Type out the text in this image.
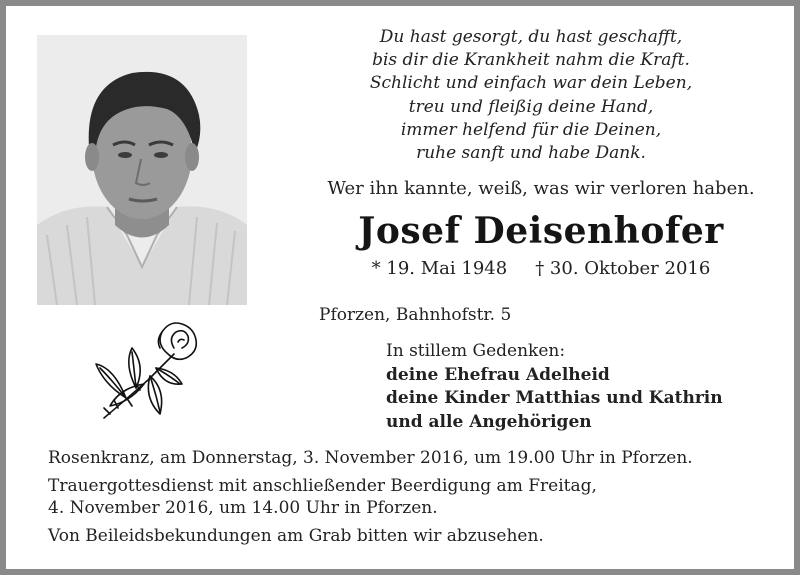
Du hast gesorgt, du hast geschafft,
bis dir die Krankheit nahm die Kraft.
Schlicht und einfach war dein Leben,
treu und fleißig deine Hand,
immer helfend für die Deinen,
ruhe sanft und habe Dank.
Wer ihn kannte, weiß, was wir verloren haben.
Josef Deisenhofer
* 19. Mai 1948 † 30. Oktober 2016
Pforzen, Bahnhofstr. 5
In stillem Gedenken:
deine Ehefrau Adelheid
deine Kinder Matthias und Kathrin
und alle Angehörigen
Rosenkranz, am Donnerstag, 3. November 2016, um 19.00 Uhr in Pforzen.
Trauergottesdienst mit anschließender Beerdigung am Freitag,
4. November 2016, um 14.00 Uhr in Pforzen.
Von Beileidsbekundungen am Grab bitten wir abzusehen.
